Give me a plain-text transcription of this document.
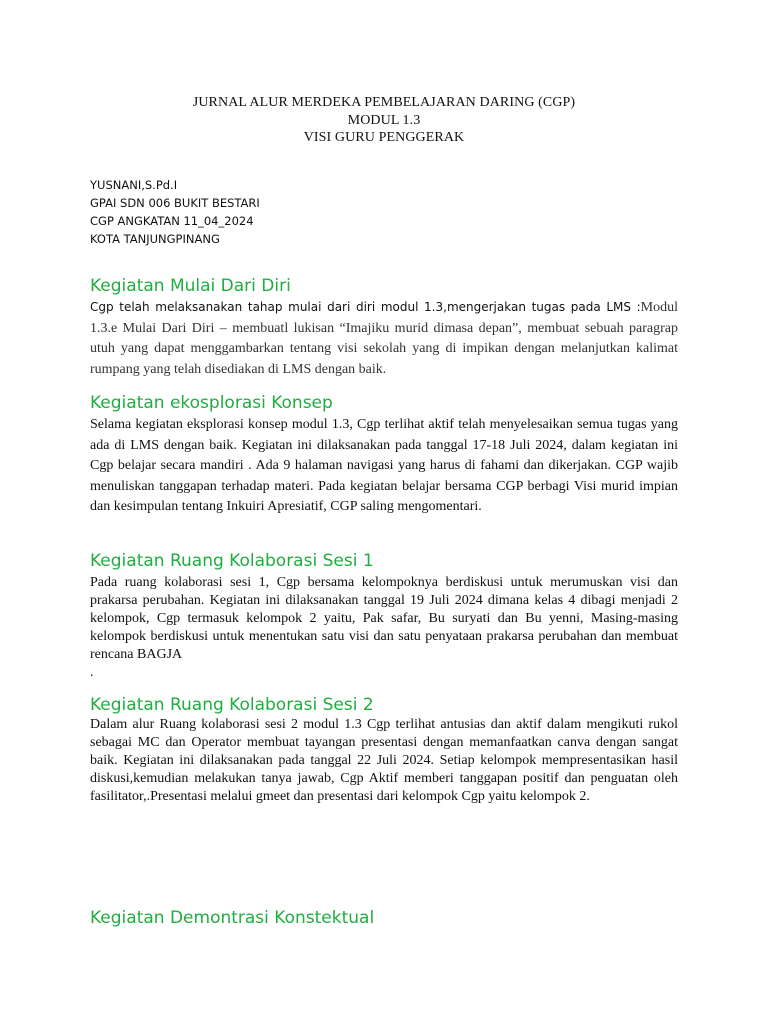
JURNAL ALUR MERDEKA PEMBELAJARAN DARING (CGP)
MODUL 1.3
VISI GURU PENGGERAK
YUSNANI,S.Pd.I
GPAI SDN 006 BUKIT BESTARI
CGP ANGKATAN 11_04_2024
KOTA TANJUNGPINANG
Kegiatan Mulai Dari Diri
Cgp telah melaksanakan tahap mulai dari diri modul 1.3,mengerjakan tugas pada LMS :Modul 1.3.e Mulai Dari Diri – membuatl lukisan “Imajiku murid dimasa depan”, membuat sebuah paragrap utuh yang dapat menggambarkan tentang visi sekolah yang di impikan dengan melanjutkan kalimat rumpang yang telah disediakan di LMS dengan baik.
Kegiatan ekosplorasi Konsep
Selama kegiatan eksplorasi konsep modul 1.3, Cgp terlihat aktif telah menyelesaikan semua tugas yang ada di LMS dengan baik. Kegiatan ini dilaksanakan pada tanggal 17-18 Juli 2024, dalam kegiatan ini Cgp belajar secara mandiri . Ada 9 halaman navigasi yang harus di fahami dan dikerjakan. CGP wajib menuliskan tanggapan terhadap materi. Pada kegiatan belajar bersama CGP berbagi Visi murid impian dan kesimpulan tentang Inkuiri Apresiatif, CGP saling mengomentari.
Kegiatan Ruang Kolaborasi Sesi 1
Pada ruang kolaborasi sesi 1, Cgp bersama kelompoknya berdiskusi untuk merumuskan visi dan prakarsa perubahan. Kegiatan ini dilaksanakan tanggal 19 Juli 2024 dimana kelas 4 dibagi menjadi 2 kelompok, Cgp termasuk kelompok 2 yaitu, Pak safar, Bu suryati dan Bu yenni, Masing-masing kelompok berdiskusi untuk menentukan satu visi dan satu penyataan prakarsa perubahan dan membuat rencana BAGJA
.
Kegiatan Ruang Kolaborasi Sesi 2
Dalam alur Ruang kolaborasi sesi 2 modul 1.3 Cgp terlihat antusias dan aktif dalam mengikuti rukol sebagai MC dan Operator membuat tayangan presentasi dengan memanfaatkan canva dengan sangat baik. Kegiatan ini dilaksanakan pada tanggal 22 Juli 2024. Setiap kelompok mempresentasikan hasil diskusi,kemudian melakukan tanya jawab, Cgp Aktif memberi tanggapan positif dan penguatan oleh fasilitator,.Presentasi melalui gmeet dan presentasi dari kelompok Cgp yaitu kelompok 2.
Kegiatan Demontrasi Konstektual
